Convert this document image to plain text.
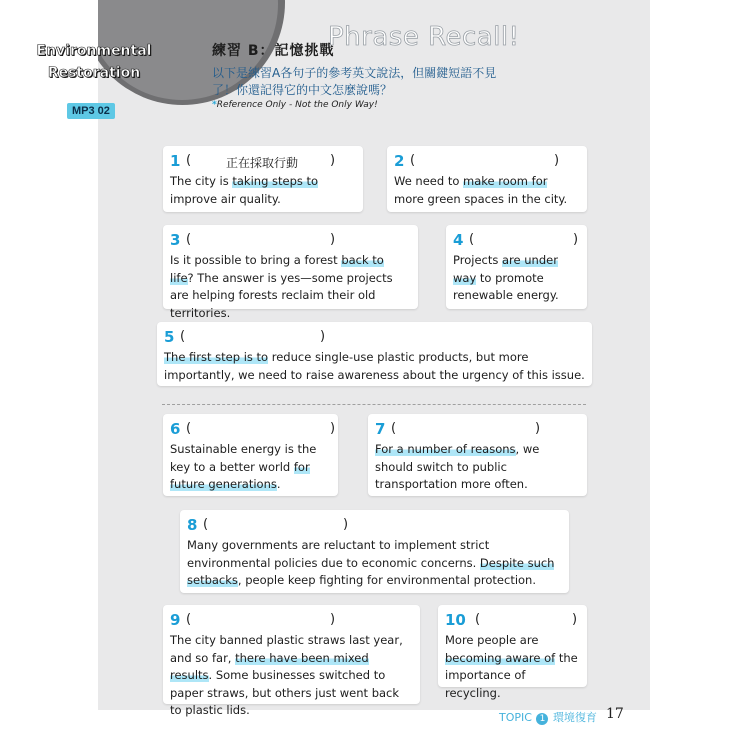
Environmental Restoration
MP3 02
練習 B：記憶挑戰
Phrase Recall!
以下是練習A各句子的參考英文說法，但關鍵短語不見了！你還記得它的中文怎麼說嗎？
*Reference Only - Not the Only Way!
1 (	正在採取行動 )
The city is taking steps to improve air quality.
2 (	)
We need to make room for more green spaces in the city.
3 (	)
Is it possible to bring a forest back to life? The answer is yes—some projects are helping forests reclaim their old territories.
4 (	)
Projects are under way to promote renewable energy.
5 (	)
The first step is to reduce single-use plastic products, but more importantly, we need to raise awareness about the urgency of this issue.
6 (	)
Sustainable energy is the key to a better world for future generations.
7 (	)
For a number of reasons, we should switch to public transportation more often.
8 (	)
Many governments are reluctant to implement strict environmental policies due to economic concerns. Despite such setbacks, people keep fighting for environmental protection.
9 (	)
The city banned plastic straws last year, and so far, there have been mixed results. Some businesses switched to paper straws, but others just went back to plastic lids.
10 (	)
More people are becoming aware of the importance of recycling.
TOPIC 1 環境復育 17
